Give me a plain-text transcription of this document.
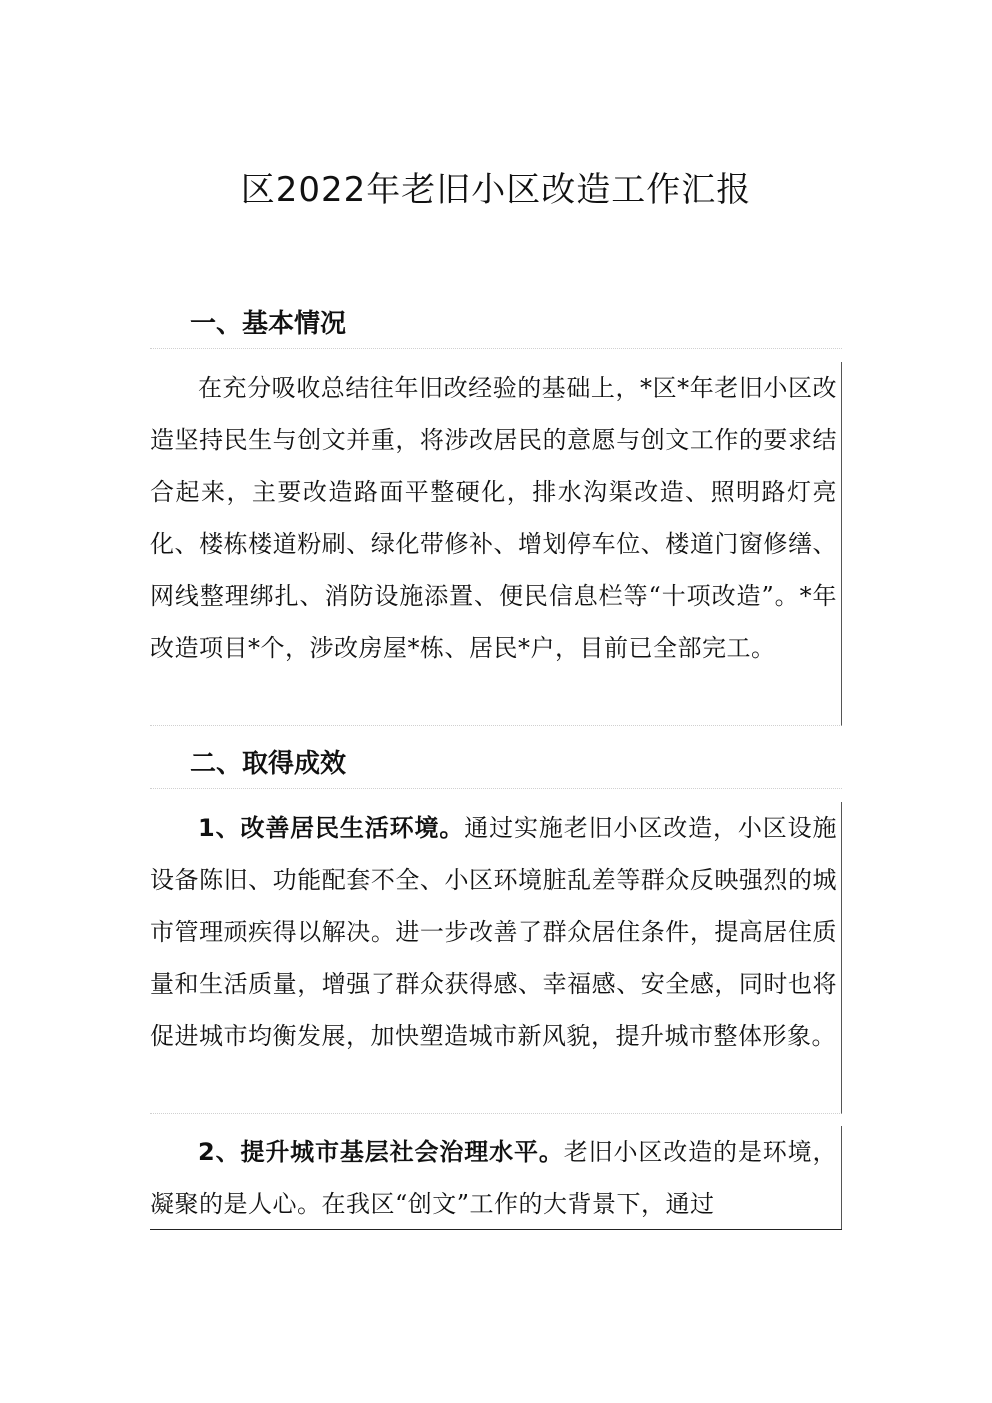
区2022年老旧小区改造工作汇报
一、基本情况

在充分吸收总结往年旧改经验的基础上，*区*年老旧小区改造坚持民生与创文并重，将涉改居民的意愿与创文工作的要求结合起来，主要改造路面平整硬化，排水沟渠改造、照明路灯亮化、楼栋楼道粉刷、绿化带修补、增划停车位、楼道门窗修缮、网线整理绑扎、消防设施添置、便民信息栏等“十项改造”。*年改造项目*个，涉改房屋*栋、居民*户，目前已全部完工。

二、取得成效

1、改善居民生活环境。通过实施老旧小区改造，小区设施设备陈旧、功能配套不全、小区环境脏乱差等群众反映强烈的城市管理顽疾得以解决。进一步改善了群众居住条件，提高居住质量和生活质量，增强了群众获得感、幸福感、安全感，同时也将促进城市均衡发展，加快塑造城市新风貌，提升城市整体形象。

2、提升城市基层社会治理水平。老旧小区改造的是环境，凝聚的是人心。在我区“创文”工作的大背景下，通过
